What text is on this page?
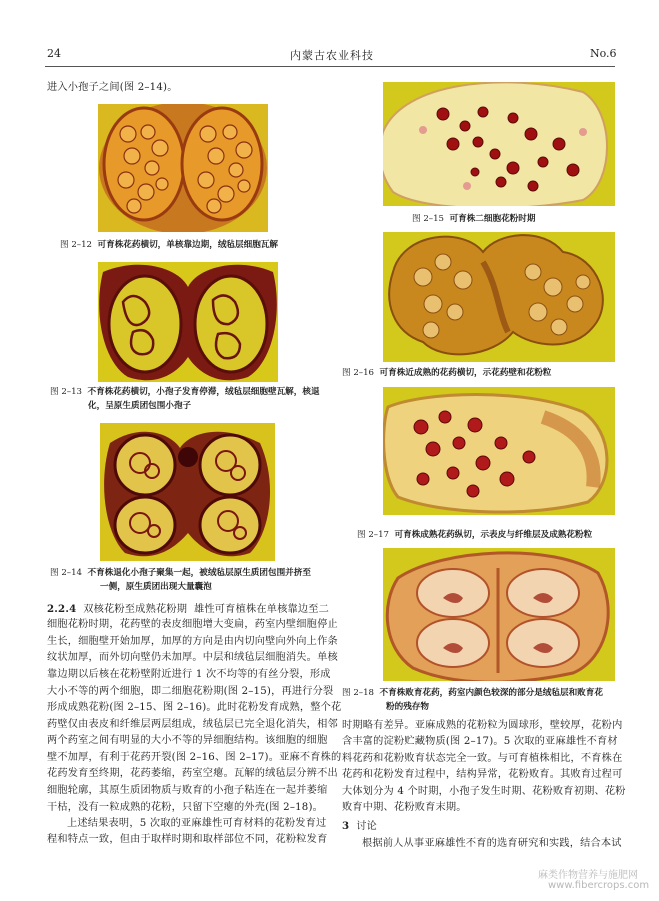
24	内蒙古农业科技	No.6
进入小孢子之间(图 2–14)。
图 2–12 可育株花药横切，单核靠边期，绒毡层细胞瓦解
图 2–13 不育株花药横切，小孢子发育停滞，绒毡层细胞壁瓦解，核退
化，呈原生质团包围小孢子
图 2–14 不育株退化小孢子聚集一起，被绒毡层原生质团包围并挤至
一侧，原生质团出现大量囊泡
2.2.4 双核花粉至成熟花粉期 雄性可育植株在单核靠边至二
细胞花粉时期，花药壁的表皮细胞增大变扁，药室内壁细胞停止
生长，细胞壁开始加厚，加厚的方向是由内切向壁向外向上作条
纹状加厚，而外切向壁仍未加厚。中层和绒毡层细胞消失。单核
靠边期以后核在花粉壁附近进行 1 次不均等的有丝分裂，形成
大小不等的两个细胞，即二细胞花粉期(图 2–15)，再进行分裂
形成成熟花粉(图 2–15、图 2–16)。此时花粉发育成熟，整个花
药壁仅由表皮和纤维层两层组成，绒毡层已完全退化消失，相邻
两个药室之间有明显的大小不等的异细胞结构。该细胞的细胞
壁不加厚，有利于花药开裂(图 2–16、图 2–17)。亚麻不育株的
花药发育至终期，花药萎缩，药室空瘪。瓦解的绒毡层分辨不出
细胞轮廓，其原生质团物质与败育的小孢子粘连在一起并萎缩
干枯，没有一粒成熟的花粉，只留下空瘪的外壳(图 2–18)。
上述结果表明，5 次取的亚麻雄性可育材料的花粉发育过
程和特点一致，但由于取样时期和取样部位不同，花粉粒发育
图 2–15 可育株二细胞花粉时期
图 2–16 可育株近成熟的花药横切，示花药壁和花粉粒
图 2–17 可育株成熟花药纵切，示表皮与纤维层及成熟花粉粒
图 2–18 不育株败育花药，药室内颜色较深的部分是绒毡层和败育花
粉的残存物
时期略有差异。亚麻成熟的花粉粒为圆球形，壁较厚，花粉内
含丰富的淀粉贮藏物质(图 2–17)。5 次取的亚麻雄性不育材
料花药和花粉败育状态完全一致。与可育植株相比，不育株在
花药和花粉发育过程中，结构异常，花粉败育。其败育过程可
大体划分为 4 个时期，小孢子发生时期、花粉败育初期、花粉
败育中期、花粉败育末期。
3 讨论
根据前人从事亚麻雄性不育的选育研究和实践，结合本试
麻类作物营养与施肥网
www.fibercrops.com
